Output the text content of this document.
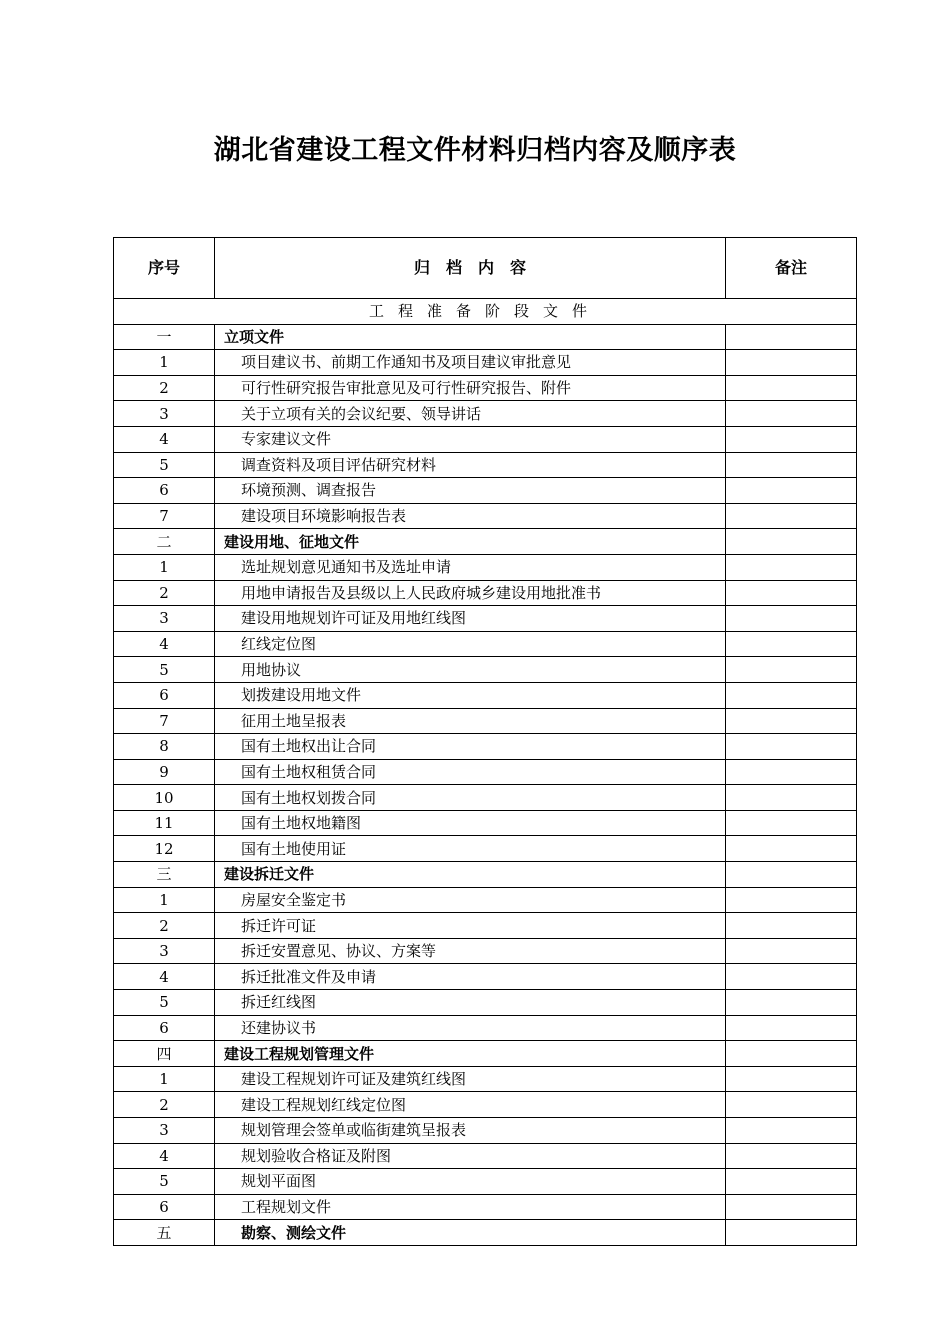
湖北省建设工程文件材料归档内容及顺序表
序号	归　档　内　容	备注
工程准备阶段文件		
一	立项文件	
1	项目建议书、前期工作通知书及项目建议审批意见	
2	可行性研究报告审批意见及可行性研究报告、附件	
3	关于立项有关的会议纪要、领导讲话	
4	专家建议文件	
5	调查资料及项目评估研究材料	
6	环境预测、调查报告	
7	建设项目环境影响报告表	
二	建设用地、征地文件	
1	选址规划意见通知书及选址申请	
2	用地申请报告及县级以上人民政府城乡建设用地批准书	
3	建设用地规划许可证及用地红线图	
4	红线定位图	
5	用地协议	
6	划拨建设用地文件	
7	征用土地呈报表	
8	国有土地权出让合同	
9	国有土地权租赁合同	
10	国有土地权划拨合同	
11	国有土地权地籍图	
12	国有土地使用证	
三	建设拆迁文件	
1	房屋安全鉴定书	
2	拆迁许可证	
3	拆迁安置意见、协议、方案等	
4	拆迁批准文件及申请	
5	拆迁红线图	
6	还建协议书	
四	建设工程规划管理文件	
1	建设工程规划许可证及建筑红线图	
2	建设工程规划红线定位图	
3	规划管理会签单或临街建筑呈报表	
4	规划验收合格证及附图	
5	规划平面图	
6	工程规划文件	
五	勘察、测绘文件	
